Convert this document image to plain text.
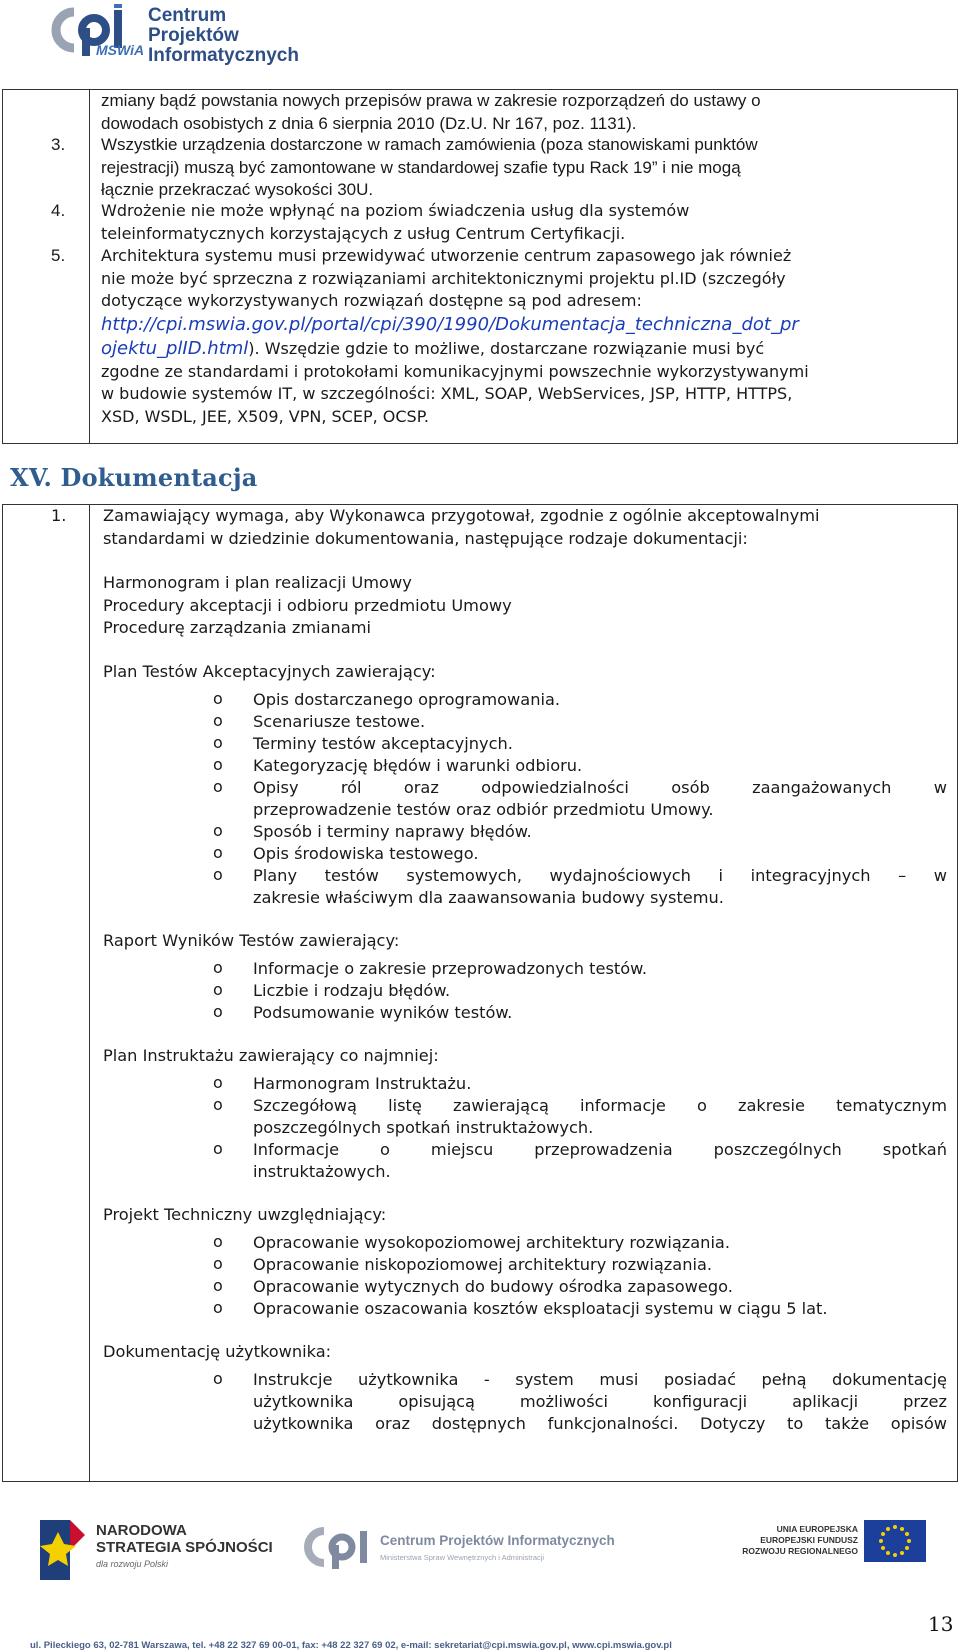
Centrum Projektów
Informatycznych
MSWiA
zmiany bądź powstania nowych przepisów prawa w zakresie rozporządzeń do ustawy o
dowodach osobistych z dnia 6 sierpnia 2010 (Dz.U. Nr 167, poz. 1131).
3. Wszystkie urządzenia dostarczone w ramach zamówienia (poza stanowiskami punktów
rejestracji) muszą być zamontowane w standardowej szafie typu Rack 19” i nie mogą
łącznie przekraczać wysokości 30U.
4. Wdrożenie nie może wpłynąć na poziom świadczenia usług dla systemów
teleinformatycznych korzystających z usług Centrum Certyfikacji.
5. Architektura systemu musi przewidywać utworzenie centrum zapasowego jak również
nie może być sprzeczna z rozwiązaniami architektonicznymi projektu pl.ID (szczegóły
dotyczące wykorzystywanych rozwiązań dostępne są pod adresem:
http://cpi.mswia.gov.pl/portal/cpi/390/1990/Dokumentacja_techniczna_dot_pr
ojektu_plID.html). Wszędzie gdzie to możliwe, dostarczane rozwiązanie musi być
zgodne ze standardami i protokołami komunikacyjnymi powszechnie wykorzystywanymi
w budowie systemów IT, w szczególności: XML, SOAP, WebServices, JSP, HTTP, HTTPS,
XSD, WSDL, JEE, X509, VPN, SCEP, OCSP.
XV. Dokumentacja
1.	Zamawiający wymaga, aby Wykonawca przygotował, zgodnie z ogólnie akceptowalnymi
standardami w dziedzinie dokumentowania, następujące rodzaje dokumentacji:
Harmonogram i plan realizacji Umowy
Procedury akceptacji i odbioru przedmiotu Umowy
Procedurę zarządzania zmianami
Plan Testów Akceptacyjnych zawierający:
o Opis dostarczanego oprogramowania.
o Scenariusze testowe.
o Terminy testów akceptacyjnych.
o Kategoryzację błędów i warunki odbioru.
o Opisy ról oraz odpowiedzialności osób zaangażowanych w
przeprowadzenie testów oraz odbiór przedmiotu Umowy.
o Sposób i terminy naprawy błędów.
o Opis środowiska testowego.
o Plany testów systemowych, wydajnościowych i integracyjnych – w
zakresie właściwym dla zaawansowania budowy systemu.
Raport Wyników Testów zawierający:
o Informacje o zakresie przeprowadzonych testów.
o Liczbie i rodzaju błędów.
o Podsumowanie wyników testów.
Plan Instruktażu zawierający co najmniej:
o Harmonogram Instruktażu.
o Szczegółową listę zawierającą informacje o zakresie tematycznym
poszczególnych spotkań instruktażowych.
o Informacje o miejscu przeprowadzenia poszczególnych spotkań
instruktażowych.
Projekt Techniczny uwzględniający:
o Opracowanie wysokopoziomowej architektury rozwiązania.
o Opracowanie niskopoziomowej architektury rozwiązania.
o Opracowanie wytycznych do budowy ośrodka zapasowego.
o Opracowanie oszacowania kosztów eksploatacji systemu w ciągu 5 lat.
Dokumentację użytkownika:
o Instrukcje użytkownika - system musi posiadać pełną dokumentację
użytkownika opisującą możliwości konfiguracji aplikacji przez
użytkownika oraz dostępnych funkcjonalności. Dotyczy to także opisów
NARODOWA
STRATEGIA SPÓJNOŚCI
dla rozwoju Polski
Centrum Projektów Informatycznych
Ministerstwa Spraw Wewnętrznych i Administracji
UNIA EUROPEJSKA
EUROPEJSKI FUNDUSZ
ROZWOJU REGIONALNEGO
13
ul. Pileckiego 63, 02-781 Warszawa, tel. +48 22 327 69 00-01, fax: +48 22 327 69 02, e-mail: sekretariat@cpi.mswia.gov.pl, www.cpi.mswia.gov.pl
